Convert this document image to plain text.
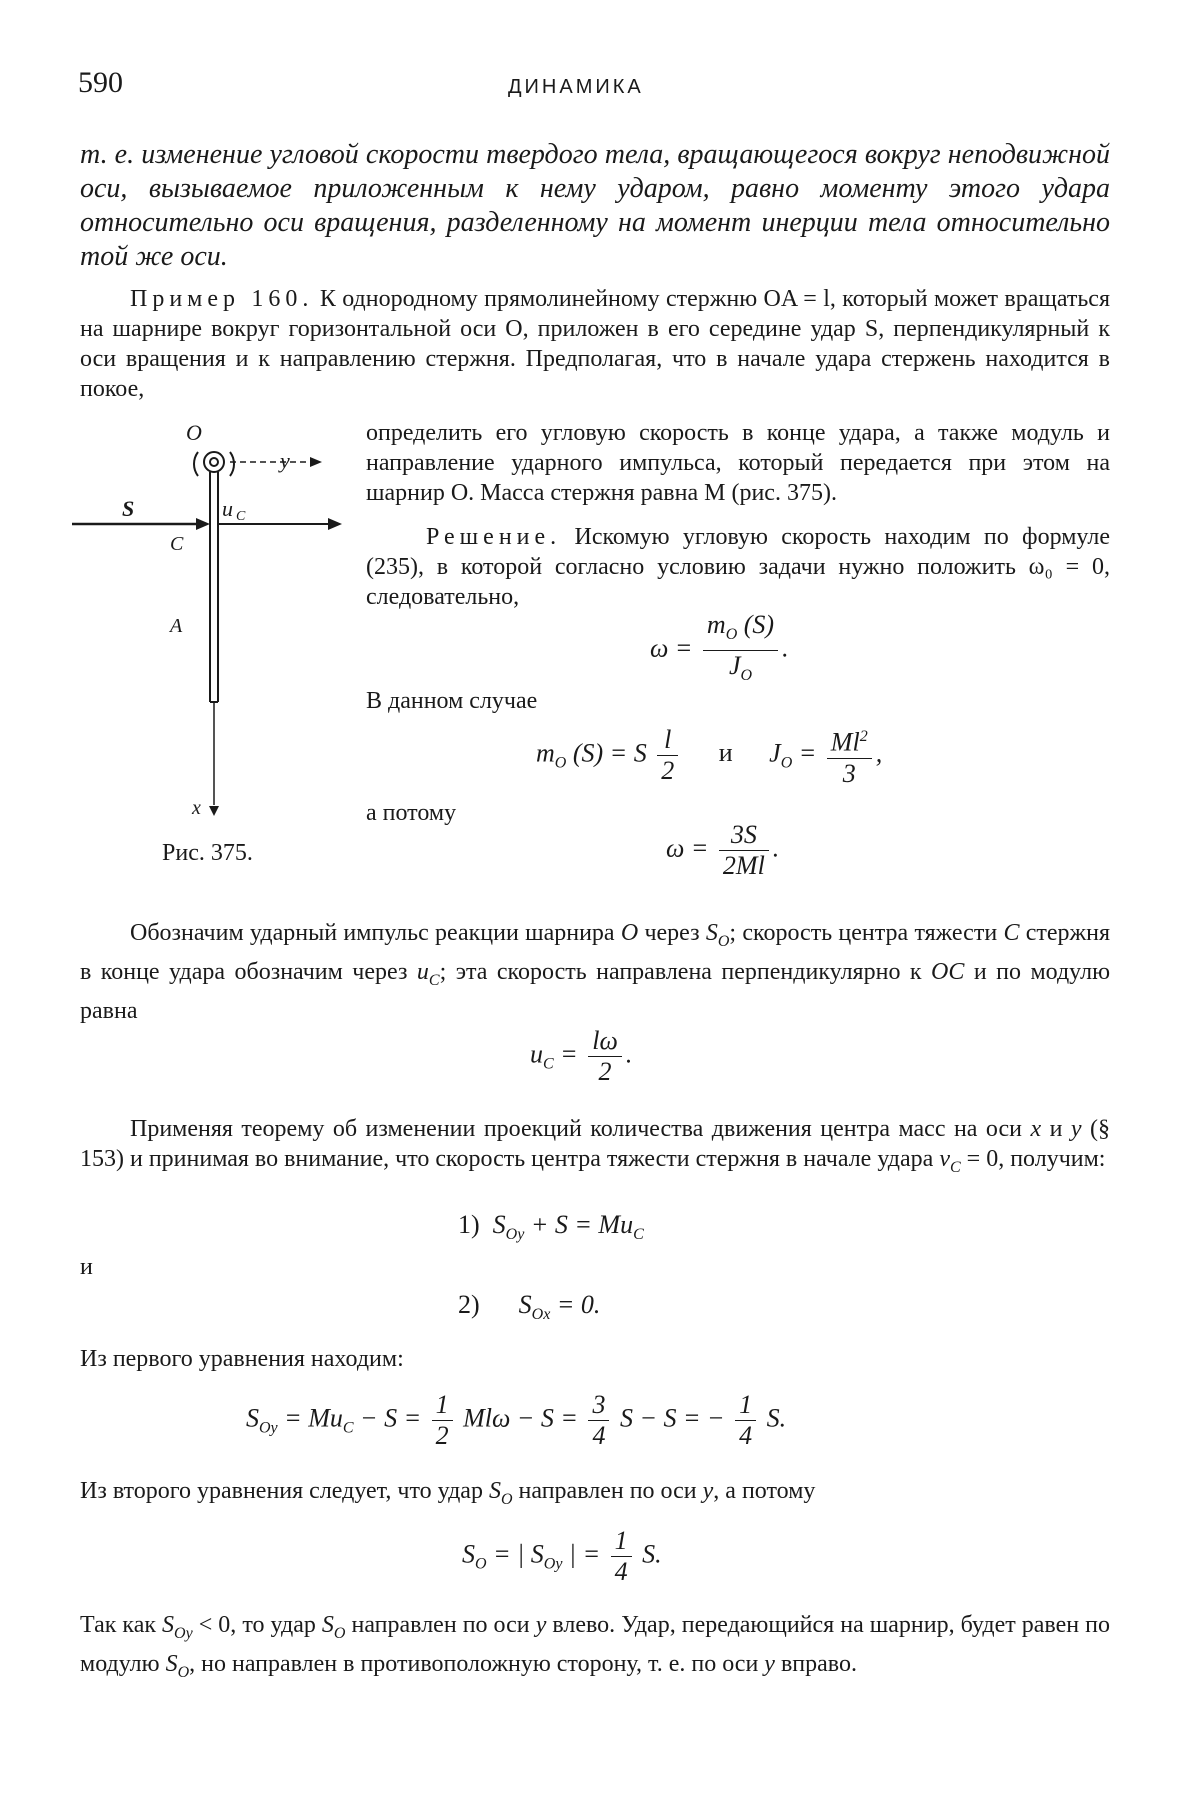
590	ДИНАМИКА
т. е. изменение угловой скорости твердого тела, вращающегося вокруг неподвижной оси, вызываемое приложенным к нему ударом, равно моменту этого удара относительно оси вращения, разделенному на момент инерции тела относительно той же оси.
Пример 160. К однородному прямолинейному стержню OA = l, который может вращаться на шарнире вокруг горизонтальной оси O, приложен в его середине удар S, перпендикулярный к оси вращения и к направлению стержня. Предполагая, что в начале удара стержень находится в покое,
определить его угловую скорость в конце удара, а также модуль и направление ударного импульса, который передается при этом на шарнир O. Масса стержня равна M (рис. 375).
Решение. Искомую угловую скорость находим по формуле (235), в которой согласно условию задачи нужно положить ω₀ = 0, следовательно,
O
y
S	u C
C
A
x
Рис. 375.
$\omega = \frac{m_O (S)}{J_O}$ .
В данном случае
$m_O$ (S) = S $\frac{l}{2}$ и $J_O = \frac{Ml^2}{3}$ ,
а потому
$\omega = \frac{3S}{2Ml}$ .
Обозначим ударный импульс реакции шарнира O через $S_O$; скорость центра тяжести C стержня в конце удара обозначим через $u_C$; эта скорость направлена перпендикулярно к OC и по модулю равна
$u_C = \frac{l\omega}{2}$ .
Применяя теорему об изменении проекций количества движения центра масс на оси x и y (§ 153) и принимая во внимание, что скорость центра тяжести стержня в начале удара $v_C = 0$, получим:
1)  $S_{Oy} + S = Mu_C$
и
2)      $S_{Ox} = 0$.
Из первого уравнения находим:
$S_{Oy} = Mu_C - S = \frac{1}{2}$ $Ml\omega - S = \frac{3}{4}$ S − S = − $\frac{1}{4} S$.
Из второго уравнения следует, что удар $S_O$ направлен по оси y, а потому
$S_O$ = | $S_{Oy}$ | = $\frac{1}{4} S$.
Так как $S_{Oy} < 0$, то удар $S_O$ направлен по оси y влево. Удар, передающийся на шарнир, будет равен по модулю $S_O$, но направлен в противоположную сторону, т. е. по оси y вправо.
